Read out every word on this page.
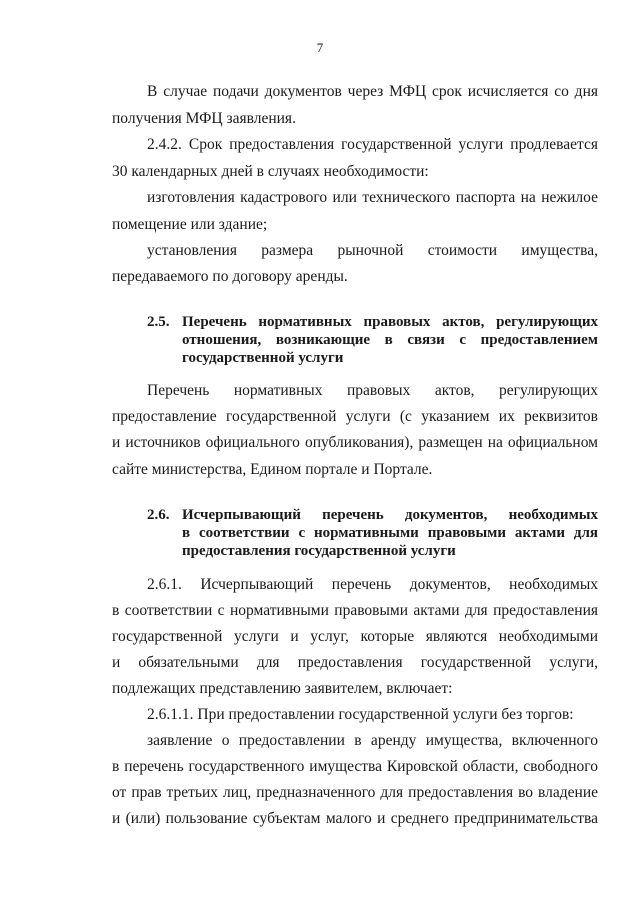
7
В случае подачи документов через МФЦ срок исчисляется со дня
получения МФЦ заявления.
2.4.2. Срок предоставления государственной услуги продлевается
30 календарных дней в случаях необходимости:
изготовления кадастрового или технического паспорта на нежилое
помещение или здание;
установления размера рыночной стоимости имущества,
передаваемого по договору аренды.
2.5. Перечень нормативных правовых актов, регулирующих
отношения, возникающие в связи с предоставлением
государственной услуги
Перечень нормативных правовых актов, регулирующих
предоставление государственной услуги (с указанием их реквизитов
и источников официального опубликования), размещен на официальном
сайте министерства, Едином портале и Портале.
2.6. Исчерпывающий перечень документов, необходимых
в соответствии с нормативными правовыми актами для
предоставления государственной услуги
2.6.1. Исчерпывающий перечень документов, необходимых
в соответствии с нормативными правовыми актами для предоставления
государственной услуги и услуг, которые являются необходимыми
и обязательными для предоставления государственной услуги,
подлежащих представлению заявителем, включает:
2.6.1.1. При предоставлении государственной услуги без торгов:
заявление о предоставлении в аренду имущества, включенного
в перечень государственного имущества Кировской области, свободного
от прав третьих лиц, предназначенного для предоставления во владение
и (или) пользование субъектам малого и среднего предпринимательства
